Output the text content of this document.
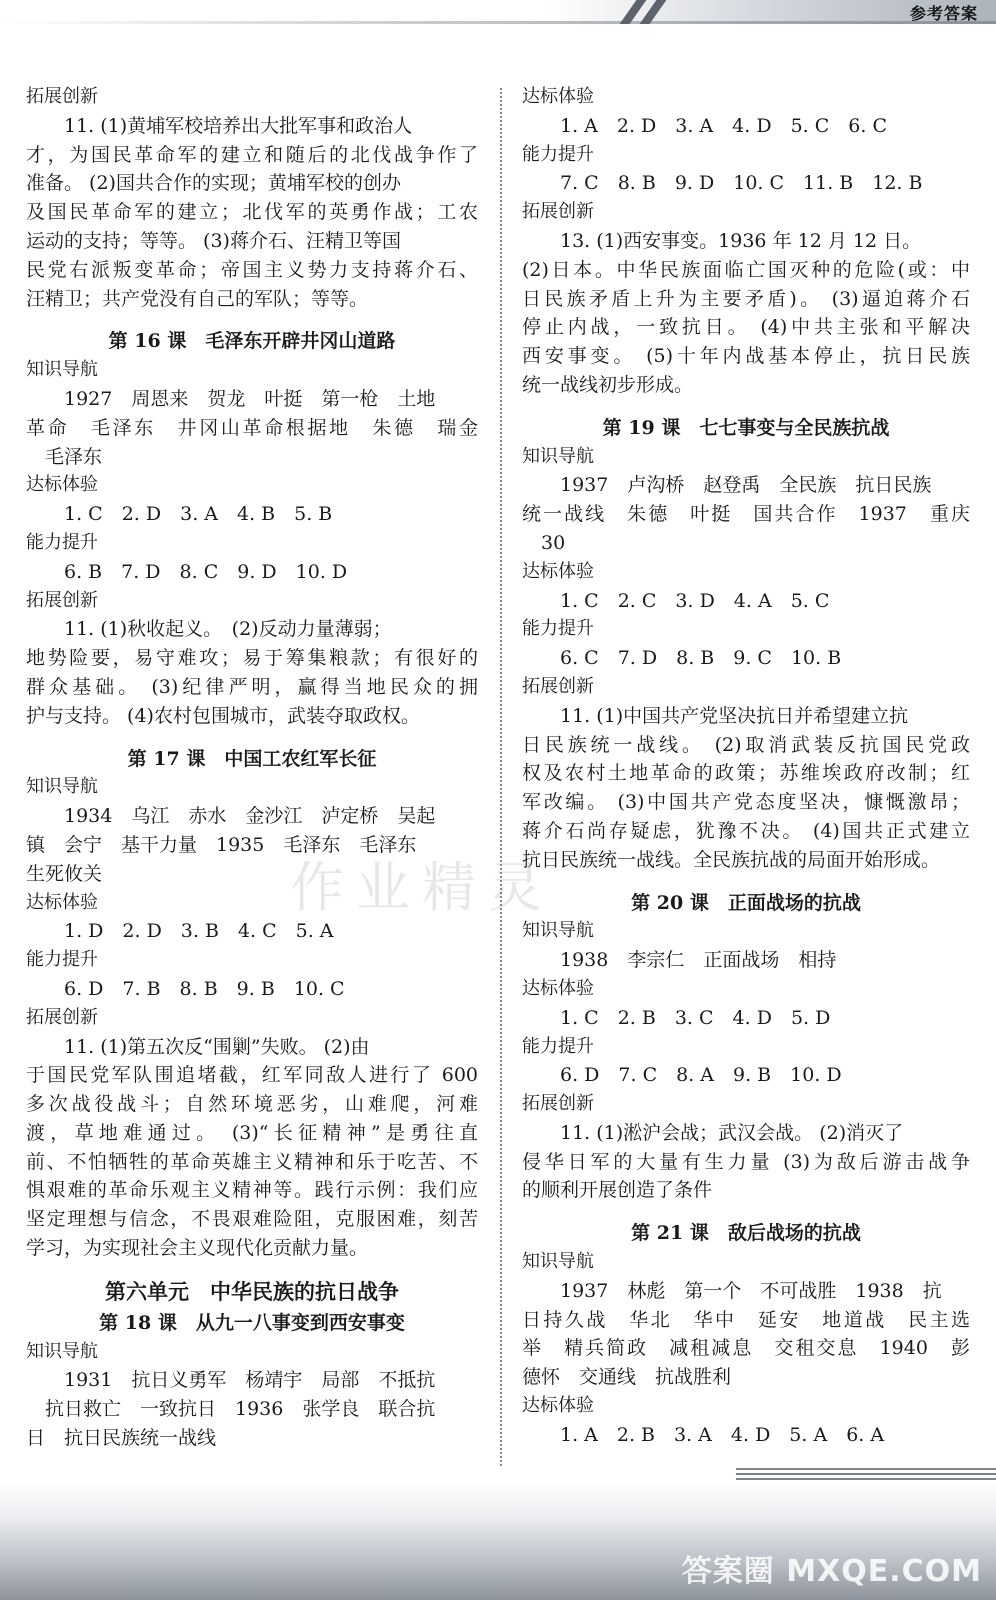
参考答案
拓展创新
11. (1)黄埔军校培养出大批军事和政治人
才，为国民革命军的建立和随后的北伐战争作了
准备。 (2)国共合作的实现；黄埔军校的创办
及国民革命军的建立；北伐军的英勇作战；工农
运动的支持；等等。 (3)蒋介石、汪精卫等国
民党右派叛变革命；帝国主义势力支持蒋介石、
汪精卫；共产党没有自己的军队；等等。
第 16 课　毛泽东开辟井冈山道路
知识导航
1927　周恩来　贺龙　叶挺　第一枪　土地
革命　毛泽东　井冈山革命根据地　朱德　瑞金
毛泽东
达标体验
1. C　2. D　3. A　4. B　5. B
能力提升
6. B　7. D　8. C　9. D　10. D
拓展创新
11. (1)秋收起义。　(2)反动力量薄弱；
地势险要，易守难攻；易于筹集粮款；有很好的
群众基础。 (3)纪律严明，赢得当地民众的拥
护与支持。 (4)农村包围城市，武装夺取政权。
第 17 课　中国工农红军长征
知识导航
1934　乌江　赤水　金沙江　泸定桥　吴起
镇　会宁　基干力量　1935　毛泽东　毛泽东
生死攸关
达标体验
1. D　2. D　3. B　4. C　5. A
能力提升
6. D　7. B　8. B　9. B　10. C
拓展创新
11. (1)第五次反“围剿”失败。 (2)由
于国民党军队围追堵截，红军同敌人进行了 600
多次战役战斗；自然环境恶劣，山难爬，河难
渡，草地难通过。 (3)“长征精神”是勇往直
前、不怕牺牲的革命英雄主义精神和乐于吃苦、不
惧艰难的革命乐观主义精神等。践行示例：我们应
坚定理想与信念，不畏艰难险阻，克服困难，刻苦
学习，为实现社会主义现代化贡献力量。
第六单元　中华民族的抗日战争
第 18 课　从九一八事变到西安事变
知识导航
1931　抗日义勇军　杨靖宇　局部　不抵抗
抗日救亡　一致抗日　1936　张学良　联合抗
日　抗日民族统一战线
达标体验
1. A　2. D　3. A　4. D　5. C　6. C
能力提升
7. C　8. B　9. D　10. C　11. B　12. B
拓展创新
13. (1)西安事变。1936 年 12 月 12 日。
(2)日本。中华民族面临亡国灭种的危险(或：中
日民族矛盾上升为主要矛盾)。 (3)逼迫蒋介石
停止内战，一致抗日。 (4)中共主张和平解决
西安事变。 (5)十年内战基本停止，抗日民族
统一战线初步形成。
第 19 课　七七事变与全民族抗战
知识导航
1937　卢沟桥　赵登禹　全民族　抗日民族
统一战线　朱德　叶挺　国共合作　1937　重庆
30
达标体验
1. C　2. C　3. D　4. A　5. C
能力提升
6. C　7. D　8. B　9. C　10. B
拓展创新
11. (1)中国共产党坚决抗日并希望建立抗
日民族统一战线。 (2)取消武装反抗国民党政
权及农村土地革命的政策；苏维埃政府改制；红
军改编。 (3)中国共产党态度坚决，慷慨激昂；
蒋介石尚存疑虑，犹豫不决。 (4)国共正式建立
抗日民族统一战线。全民族抗战的局面开始形成。
第 20 课　正面战场的抗战
知识导航
1938　李宗仁　正面战场　相持
达标体验
1. C　2. B　3. C　4. D　5. D
能力提升
6. D　7. C　8. A　9. B　10. D
拓展创新
11. (1)淞沪会战；武汉会战。 (2)消灭了
侵华日军的大量有生力量 (3)为敌后游击战争
的顺利开展创造了条件
第 21 课　敌后战场的抗战
知识导航
1937　林彪　第一个　不可战胜　1938　抗
日持久战　华北　华中　延安　地道战　民主选
举　精兵简政　减租减息　交租交息　1940　彭
德怀　交通线　抗战胜利
达标体验
1. A　2. B　3. A　4. D　5. A　6. A
作业精灵
答案圈 MXQE.COM
